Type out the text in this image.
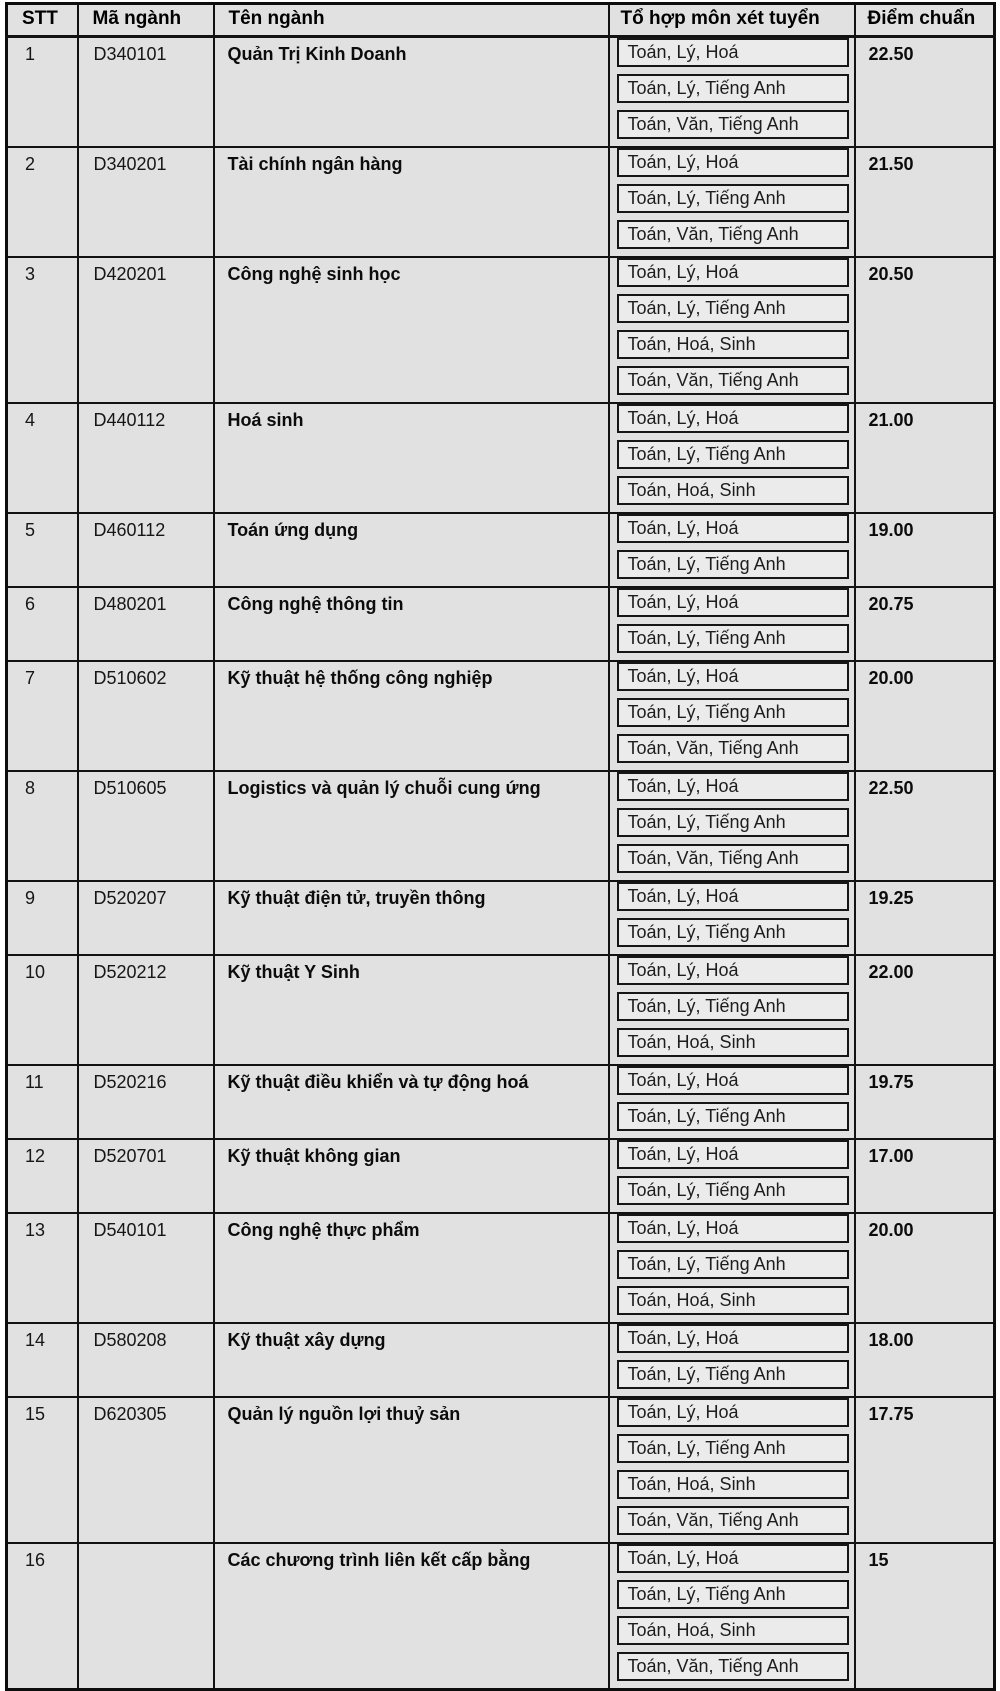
STT	Mã ngành	Tên ngành	Tổ hợp môn xét tuyển	Điểm chuẩn
1	D340101	Quản Trị Kinh Doanh	Toán, Lý, Hoá
Toán, Lý, Tiếng Anh
Toán, Văn, Tiếng Anh	22.50
2	D340201	Tài chính ngân hàng	Toán, Lý, Hoá
Toán, Lý, Tiếng Anh
Toán, Văn, Tiếng Anh	21.50
3	D420201	Công nghệ sinh học	Toán, Lý, Hoá
Toán, Lý, Tiếng Anh
Toán, Hoá, Sinh
Toán, Văn, Tiếng Anh	20.50
4	D440112	Hoá sinh	Toán, Lý, Hoá
Toán, Lý, Tiếng Anh
Toán, Hoá, Sinh	21.00
5	D460112	Toán ứng dụng	Toán, Lý, Hoá
Toán, Lý, Tiếng Anh	19.00
6	D480201	Công nghệ thông tin	Toán, Lý, Hoá
Toán, Lý, Tiếng Anh	20.75
7	D510602	Kỹ thuật hệ thống công nghiệp	Toán, Lý, Hoá
Toán, Lý, Tiếng Anh
Toán, Văn, Tiếng Anh	20.00
8	D510605	Logistics và quản lý chuỗi cung ứng	Toán, Lý, Hoá
Toán, Lý, Tiếng Anh
Toán, Văn, Tiếng Anh	22.50
9	D520207	Kỹ thuật điện tử, truyền thông	Toán, Lý, Hoá
Toán, Lý, Tiếng Anh	19.25
10	D520212	Kỹ thuật Y Sinh	Toán, Lý, Hoá
Toán, Lý, Tiếng Anh
Toán, Hoá, Sinh	22.00
11	D520216	Kỹ thuật điều khiển và tự động hoá	Toán, Lý, Hoá
Toán, Lý, Tiếng Anh	19.75
12	D520701	Kỹ thuật không gian	Toán, Lý, Hoá
Toán, Lý, Tiếng Anh	17.00
13	D540101	Công nghệ thực phẩm	Toán, Lý, Hoá
Toán, Lý, Tiếng Anh
Toán, Hoá, Sinh	20.00
14	D580208	Kỹ thuật xây dựng	Toán, Lý, Hoá
Toán, Lý, Tiếng Anh	18.00
15	D620305	Quản lý nguồn lợi thuỷ sản	Toán, Lý, Hoá
Toán, Lý, Tiếng Anh
Toán, Hoá, Sinh
Toán, Văn, Tiếng Anh	17.75
16		Các chương trình liên kết cấp bằng	Toán, Lý, Hoá
Toán, Lý, Tiếng Anh
Toán, Hoá, Sinh
Toán, Văn, Tiếng Anh	15
